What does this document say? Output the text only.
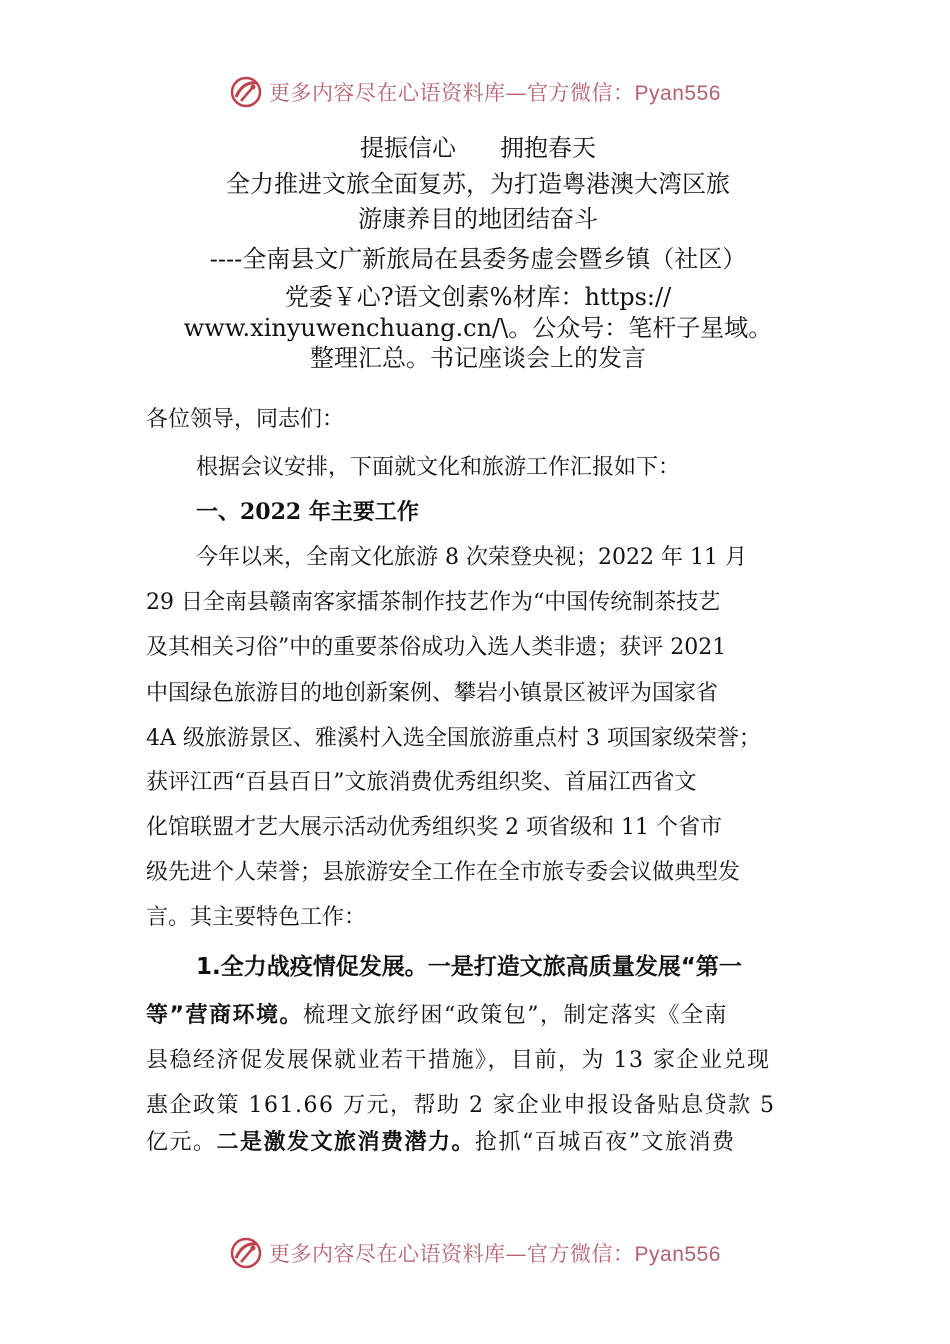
更多内容尽在心语资料库—官方微信：Pyan556
提振信心 拥抱春天
全力推进文旅全面复苏，为打造粤港澳大湾区旅
游康养目的地团结奋斗
----全南县文广新旅局在县委务虚会暨乡镇（社区）
党委￥心?语文创素%材库：https://
www.xinyuwenchuang.cn/\。公众号：笔杆子星域。
整理汇总。书记座谈会上的发言
各位领导，同志们：
根据会议安排，下面就文化和旅游工作汇报如下：
一、2022 年主要工作
今年以来，全南文化旅游 8 次荣登央视；2022 年 11 月
29 日全南县赣南客家擂茶制作技艺作为“中国传统制茶技艺
及其相关习俗”中的重要茶俗成功入选人类非遗；获评 2021
中国绿色旅游目的地创新案例、攀岩小镇景区被评为国家省
4A 级旅游景区、雅溪村入选全国旅游重点村 3 项国家级荣誉；
获评江西“百县百日”文旅消费优秀组织奖、首届江西省文
化馆联盟才艺大展示活动优秀组织奖 2 项省级和 11 个省市
级先进个人荣誉；县旅游安全工作在全市旅专委会议做典型发
言。其主要特色工作：
1.全力战疫情促发展。一是打造文旅高质量发展“第一
等”营商环境。梳理文旅纾困“政策包”，制定落实《全南
县稳经济促发展保就业若干措施》，目前，为 13 家企业兑现
惠企政策 161.66 万元，帮助 2 家企业申报设备贴息贷款 5
亿元。二是激发文旅消费潜力。抢抓“百城百夜”文旅消费
更多内容尽在心语资料库—官方微信：Pyan556
